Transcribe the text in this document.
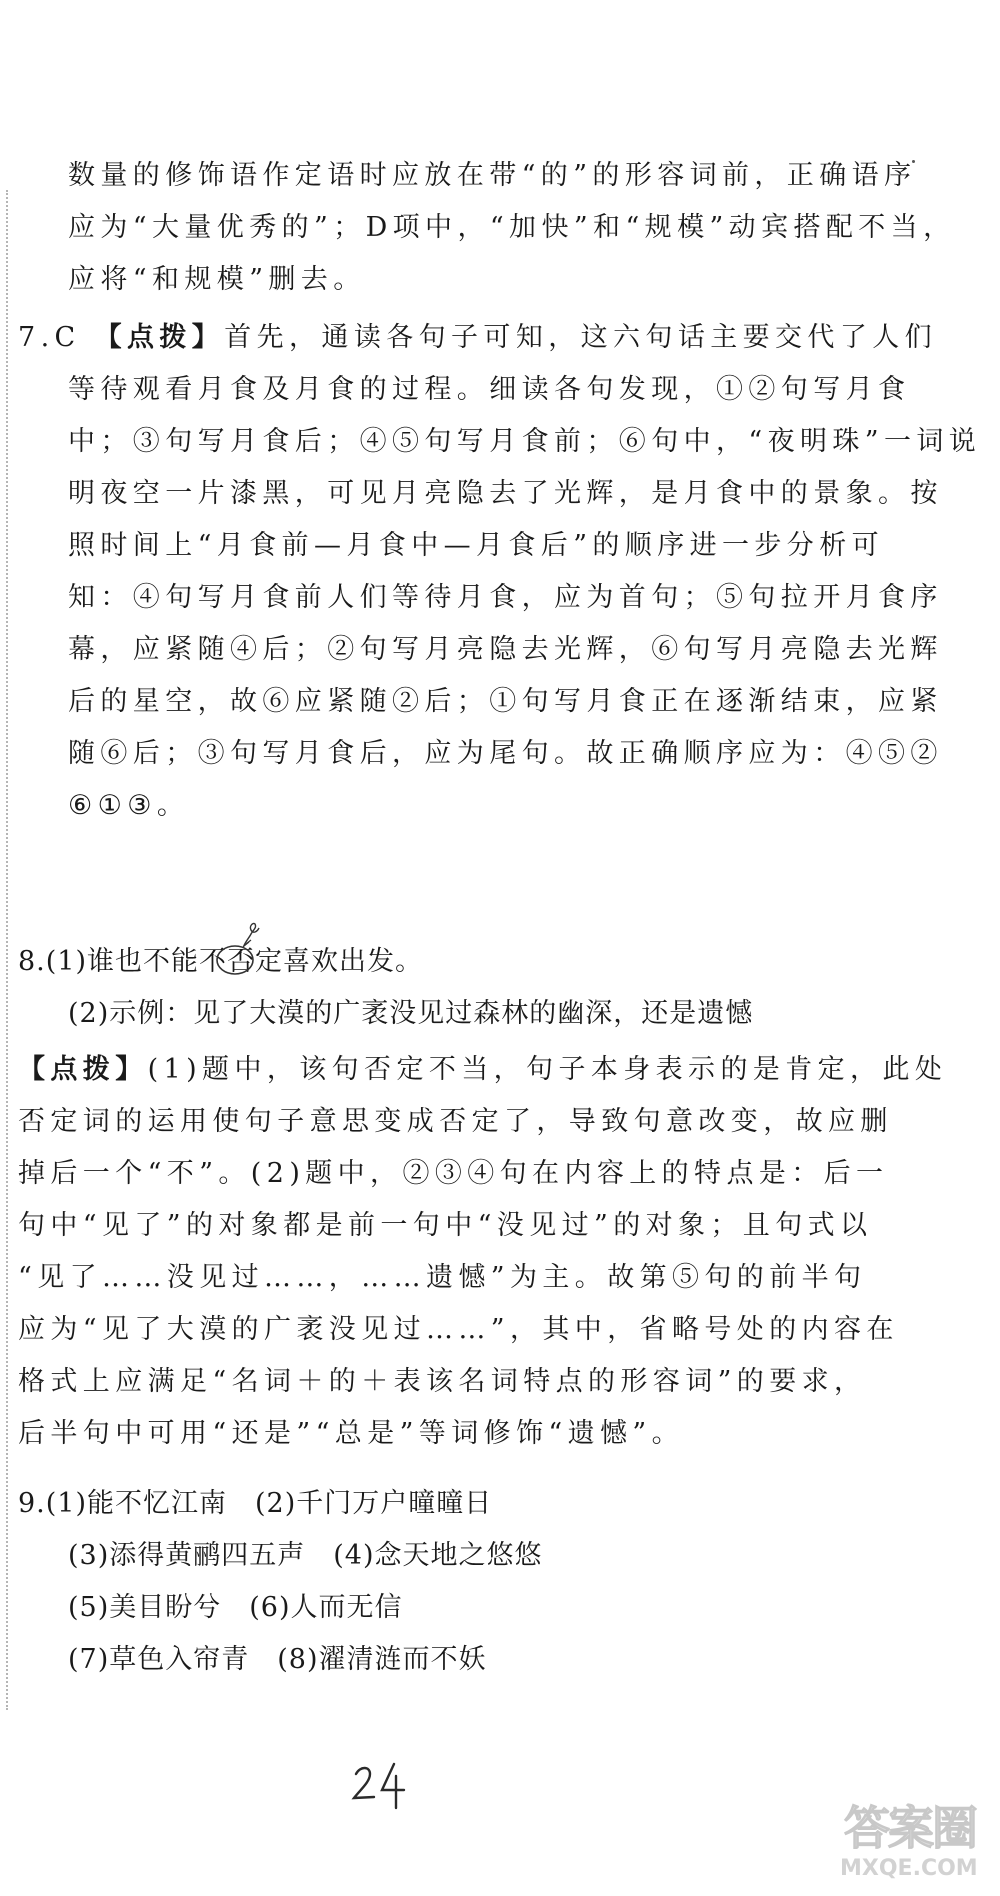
数量的修饰语作定语时应放在带“的”的形容词前，正确语序
应为“大量优秀的”；D项中，“加快”和“规模”动宾搭配不当，
应将“和规模”删去。
7.C 【点拨】首先，通读各句子可知，这六句话主要交代了人们
等待观看月食及月食的过程。细读各句发现，①②句写月食
中；③句写月食后；④⑤句写月食前；⑥句中，“夜明珠”一词说
明夜空一片漆黑，可见月亮隐去了光辉，是月食中的景象。按
照时间上“月食前—月食中—月食后”的顺序进一步分析可
知：④句写月食前人们等待月食，应为首句；⑤句拉开月食序
幕，应紧随④后；②句写月亮隐去光辉，⑥句写月亮隐去光辉
后的星空，故⑥应紧随②后；①句写月食正在逐渐结束，应紧
随⑥后；③句写月食后，应为尾句。故正确顺序应为：④⑤②
⑥①③。
8.(1)谁也不能不否定喜欢出发。
(2)示例：见了大漠的广袤没见过森林的幽深，还是遗憾
【点拨】(1)题中，该句否定不当，句子本身表示的是肯定，此处
否定词的运用使句子意思变成否定了，导致句意改变，故应删
掉后一个“不”。(2)题中，②③④句在内容上的特点是：后一
句中“见了”的对象都是前一句中“没见过”的对象；且句式以
“见了……没见过……，……遗憾”为主。故第⑤句的前半句
应为“见了大漠的广袤没见过……”，其中，省略号处的内容在
格式上应满足“名词＋的＋表该名词特点的形容词”的要求，
后半句中可用“还是”“总是”等词修饰“遗憾”。
9.(1)能不忆江南　(2)千门万户曈曈日
(3)添得黄鹂四五声　(4)念天地之悠悠
(5)美目盼兮　(6)人而无信
(7)草色入帘青　(8)濯清涟而不妖
答案圈
MXQE.COM
